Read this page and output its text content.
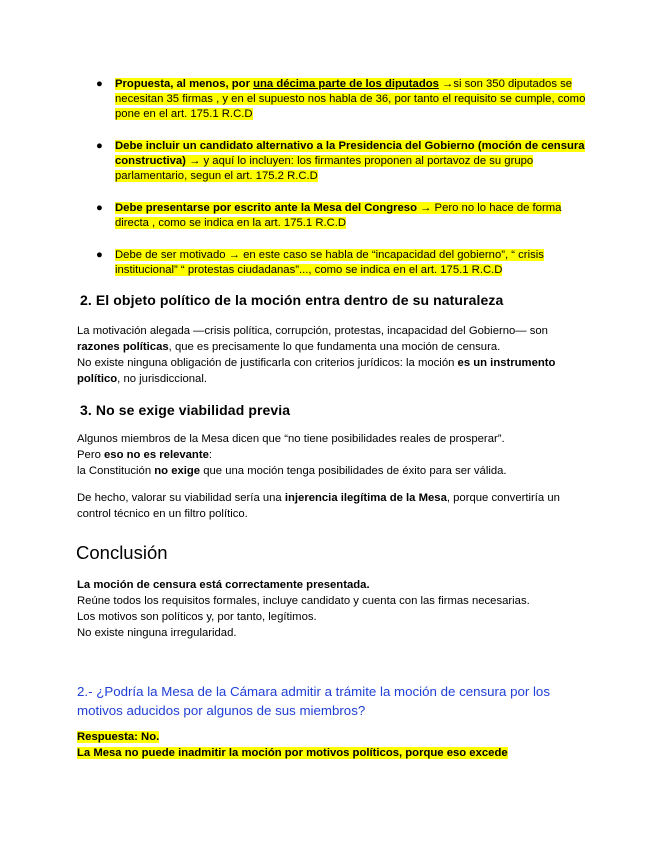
● Propuesta, al menos, por una décima parte de los diputados →si son 350 diputados se necesitan 35 firmas , y en el supuesto nos habla de 36, por tanto el requisito se cumple, como pone en el art. 175.1 R.C.D
● Debe incluir un candidato alternativo a la Presidencia del Gobierno (moción de censura constructiva) → y aquí lo incluyen: los firmantes proponen al portavoz de su grupo parlamentario, segun el art. 175.2 R.C.D
● Debe presentarse por escrito ante la Mesa del Congreso → Pero no lo hace de forma directa , como se indica en la art. 175.1 R.C.D
● Debe de ser motivado → en este caso se habla de “incapacidad del gobierno”, “ crisis institucional” “ protestas ciudadanas”..., como se indica en el art. 175.1 R.C.D
2. El objeto político de la moción entra dentro de su naturaleza
La motivación alegada —crisis política, corrupción, protestas, incapacidad del Gobierno— son razones políticas, que es precisamente lo que fundamenta una moción de censura.
No existe ninguna obligación de justificarla con criterios jurídicos: la moción es un instrumento político, no jurisdiccional.
3. No se exige viabilidad previa
Algunos miembros de la Mesa dicen que “no tiene posibilidades reales de prosperar”.
Pero eso no es relevante:
la Constitución no exige que una moción tenga posibilidades de éxito para ser válida.
De hecho, valorar su viabilidad sería una injerencia ilegítima de la Mesa, porque convertiría un control técnico en un filtro político.
Conclusión
La moción de censura está correctamente presentada.
Reúne todos los requisitos formales, incluye candidato y cuenta con las firmas necesarias.
Los motivos son políticos y, por tanto, legítimos.
No existe ninguna irregularidad.
2.- ¿Podría la Mesa de la Cámara admitir a trámite la moción de censura por los motivos aducidos por algunos de sus miembros?
Respuesta: No.
La Mesa no puede inadmitir la moción por motivos políticos, porque eso excede
